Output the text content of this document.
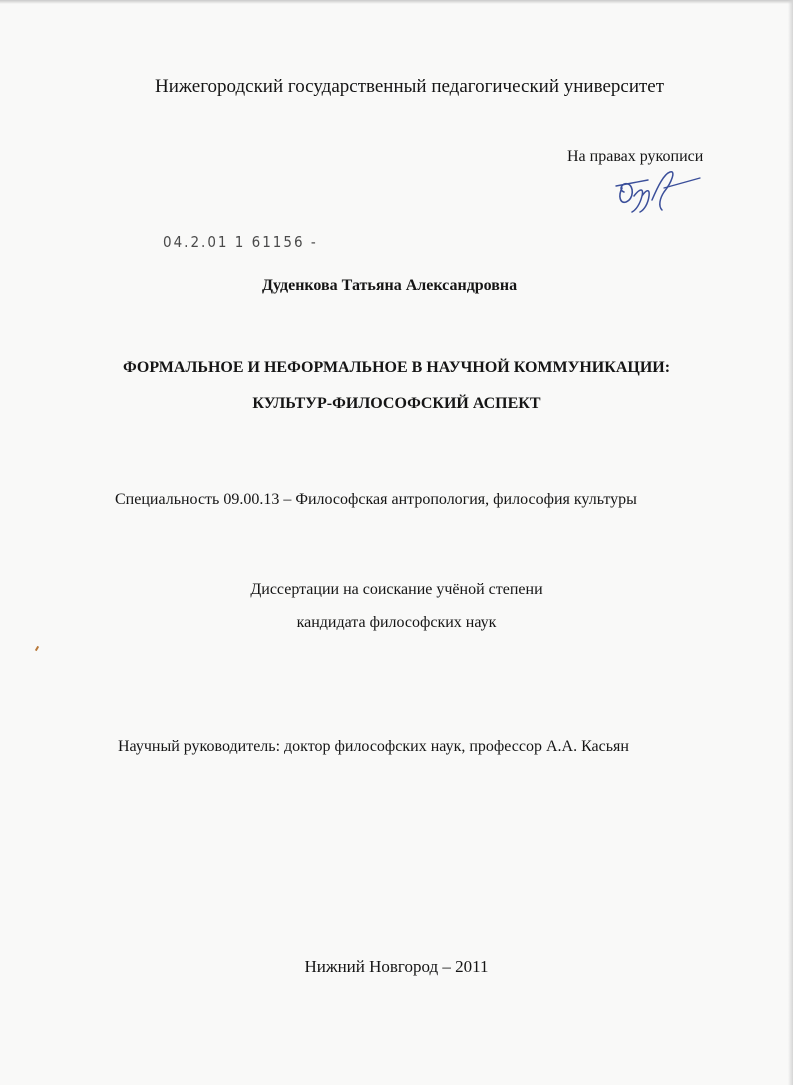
Нижегородский государственный педагогический университет
На правах рукописи
04.2.01 1 61156 -
Дуденкова Татьяна Александровна
ФОРМАЛЬНОЕ И НЕФОРМАЛЬНОЕ В НАУЧНОЙ КОММУНИКАЦИИ:
КУЛЬТУР-ФИЛОСОФСКИЙ АСПЕКТ
Специальность 09.00.13 – Философская антропология, философия культуры
Диссертации на соискание учёной степени
кандидата философских наук
Научный руководитель: доктор философских наук, профессор А.А. Касьян
Нижний Новгород – 2011
